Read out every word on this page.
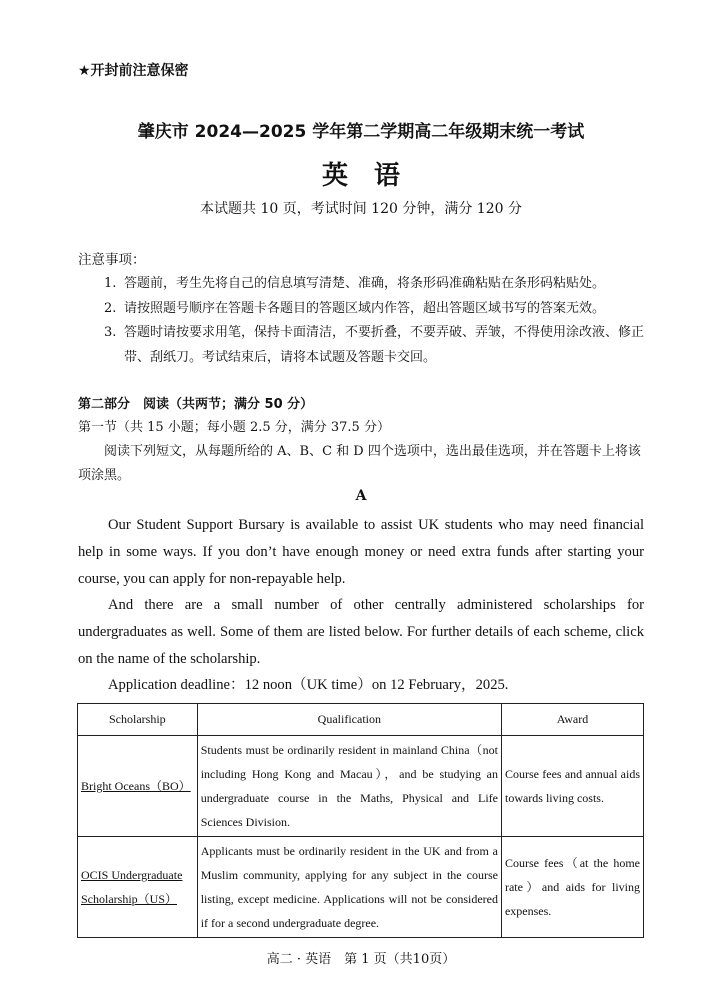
★开封前注意保密
肇庆市 2024—2025 学年第二学期高二年级期末统一考试
英语
本试题共 10 页，考试时间 120 分钟，满分 120 分
注意事项：
1. 答题前，考生先将自己的信息填写清楚、准确，将条形码准确粘贴在条形码粘贴处。
2. 请按照题号顺序在答题卡各题目的答题区域内作答，超出答题区域书写的答案无效。
3. 答题时请按要求用笔，保持卡面清洁，不要折叠，不要弄破、弄皱，不得使用涂改液、修正带、刮纸刀。考试结束后，请将本试题及答题卡交回。
第二部分　阅读（共两节；满分 50 分）
第一节（共 15 小题；每小题 2.5 分，满分 37.5 分）
阅读下列短文，从每题所给的 A、B、C 和 D 四个选项中，选出最佳选项，并在答题卡上将该项涂黑。
A
Our Student Support Bursary is available to assist UK students who may need financial help in some ways. If you don’t have enough money or need extra funds after starting your course, you can apply for non-repayable help.
And there are a small number of other centrally administered scholarships for undergraduates as well. Some of them are listed below. For further details of each scheme, click on the name of the scholarship.
Application deadline：12 noon（UK time）on 12 February，2025.
Scholarship	Qualification	Award
Bright Oceans（BO）	Students must be ordinarily resident in mainland China（not including Hong Kong and Macau），and be studying an undergraduate course in the Maths, Physical and Life Sciences Division.	Course fees and annual aids towards living costs.
OCIS Undergraduate Scholarship（US）	Applicants must be ordinarily resident in the UK and from a Muslim community, applying for any subject in the course listing, except medicine. Applications will not be considered if for a second undergraduate degree.	Course fees（at the home rate）and aids for living expenses.
高二 · 英语　第 1 页（共10页）
